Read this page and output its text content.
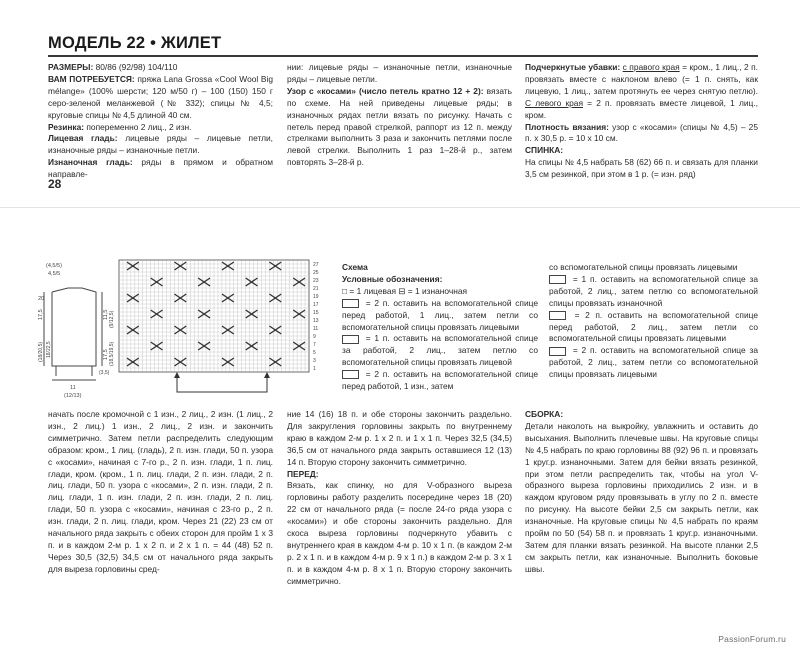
МОДЕЛЬ 22 • ЖИЛЕТ

РАЗМЕРЫ: 80/86 (92/98) 104/110

ВАМ ПОТРЕБУЕТСЯ: пряжа Lana Grossa «Cool Wool Big mélange» (100% шерсти; 120 м/50 г) – 100 (150) 150 г серо-зеленой меланжевой (№ 332); спицы № 4,5; круговые спицы № 4,5 длиной 40 см.

Резинка: попеременно 2 лиц., 2 изн.

Лицевая гладь: лицевые ряды – лицевые петли, изнаночные ряды – изнаночные петли.

Изнаночная гладь: ряды в прямом и обратном направле-

нии: лицевые ряды – изнаночные петли, изнаночные ряды – лицевые петли.

Узор с «косами» (число петель кратно 12 + 2): вязать по схеме. На ней приведены лицевые ряды; в изнаночных рядах петли вязать по рисунку. Начать с петель перед правой стрелкой, раппорт из 12 п. между стрелками выполнить 3 раза и закончить петлями после левой стрелки. Выполнить 1 раз 1–28-й р., затем повторять 3–28-й р.

Подчеркнутые убавки: с правого края = кром., 1 лиц., 2 п. провязать вместе с наклоном влево (= 1 п. снять, как лицевую, 1 лиц., затем протянуть ее через снятую петлю). С левого края = 2 п. провязать вместе лицевой, 1 лиц., кром.

Плотность вязания: узор с «косами» (спицы № 4,5) – 25 п. х 30,5 р. = 10 х 10 см.

СПИНКА:

На спицы № 4,5 набрать 58 (62) 66 п. и связать для планки 3,5 см резинкой, при этом в 1 р. (= изн. ряд)

28
(4,5/5)
4,5/5
20
17,5
(18/20,5) 18/22,5
11,5 (9/12,5)
17,5 (18,5/19,5)
(3,5)
11
(12/13)
27
25
23
21
19
17
15
13
11
9
7
5
3
1

Схема

Условные обозначения:

□ = 1 лицевая ⊟ = 1 изнаночная

= 2 п. оставить на вспомогательной спице перед работой, 1 лиц., затем петли со вспомогательной спицы провязать лицевыми

= 1 п. оставить на вспомогательной спице за работой, 2 лиц., затем петлю со вспомогательной спицы провязать лицевой

= 2 п. оставить на вспомогательной спице перед работой, 1 изн., затем

со вспомогательной спицы провязать лицевыми

= 1 п. оставить на вспомогательной спице за работой, 2 лиц., затем петлю со вспомогательной спицы провязать изнаночной

= 2 п. оставить на вспомогательной спице перед работой, 2 лиц., затем петли со вспомогательной спицы провязать лицевыми

= 2 п. оставить на вспомогательной спице за работой, 2 лиц., затем петли со вспомогательной спицы провязать лицевыми

начать после кромочной с 1 изн., 2 лиц., 2 изн. (1 лиц., 2 изн., 2 лиц.) 1 изн., 2 лиц., 2 изн. и закончить симметрично. Затем петли распределить следующим образом: кром., 1 лиц. (гладь), 2 п. изн. глади, 50 п. узора с «косами», начиная с 7-го р., 2 п. изн. глади, 1 п. лиц. глади, кром. (кром., 1 п. лиц. глади, 2 п. изн. глади, 2 п. лиц. глади, 50 п. узора с «косами», 2 п. изн. глади, 2 п. лиц. глади, 1 п. изн. глади, 2 п. изн. глади, 2 п. лиц. глади, 50 п. узора с «косами», начиная с 23-го р., 2 п. изн. глади, 2 п. лиц. глади, кром. Через 21 (22) 23 см от начального ряда закрыть с обеих сторон для пройм 1 х 3 п. и в каждом 2-м р. 1 х 2 п. и 2 х 1 п. = 44 (48) 52 п. Через 30,5 (32,5) 34,5 см от начального ряда закрыть для выреза горловины сред-

ние 14 (16) 18 п. и обе стороны закончить раздельно. Для закругления горловины закрыть по внутреннему краю в каждом 2-м р. 1 х 2 п. и 1 х 1 п. Через 32,5 (34,5) 36,5 см от начального ряда закрыть оставшиеся 12 (13) 14 п. Вторую сторону закончить симметрично.

ПЕРЕД:

Вязать, как спинку, но для V-образного выреза горловины работу разделить посередине через 18 (20) 22 см от начального ряда (= после 24-го ряда узора с «косами») и обе стороны закончить раздельно. Для скоса выреза горловины подчеркнуто убавить с внутреннего края в каждом 4-м р. 10 х 1 п. (в каждом 2-м р. 2 х 1 п. и в каждом 4-м р. 9 х 1 п.) в каждом 2-м р. 3 х 1 п. и в каждом 4-м р. 8 х 1 п. Вторую сторону закончить симметрично.

СБОРКА:

Детали наколоть на выкройку, увлажнить и оставить до высыхания. Выполнить плечевые швы. На круговые спицы № 4,5 набрать по краю горловины 88 (92) 96 п. и провязать 1 круг.р. изнаночными. Затем для бейки вязать резинкой, при этом петли распределить так, чтобы на угол V-образного выреза горловины приходились 2 изн. и в каждом круговом ряду провязывать в углу по 2 п. вместе по рисунку. На высоте бейки 2,5 см закрыть петли, как изнаночные. На круговые спицы № 4,5 набрать по краям пройм по 50 (54) 58 п. и провязать 1 круг.р. изнаночными. Затем для планки вязать резинкой. На высоте планки 2,5 см закрыть петли, как изнаночные. Выполнить боковые швы.

PassionForum.ru
